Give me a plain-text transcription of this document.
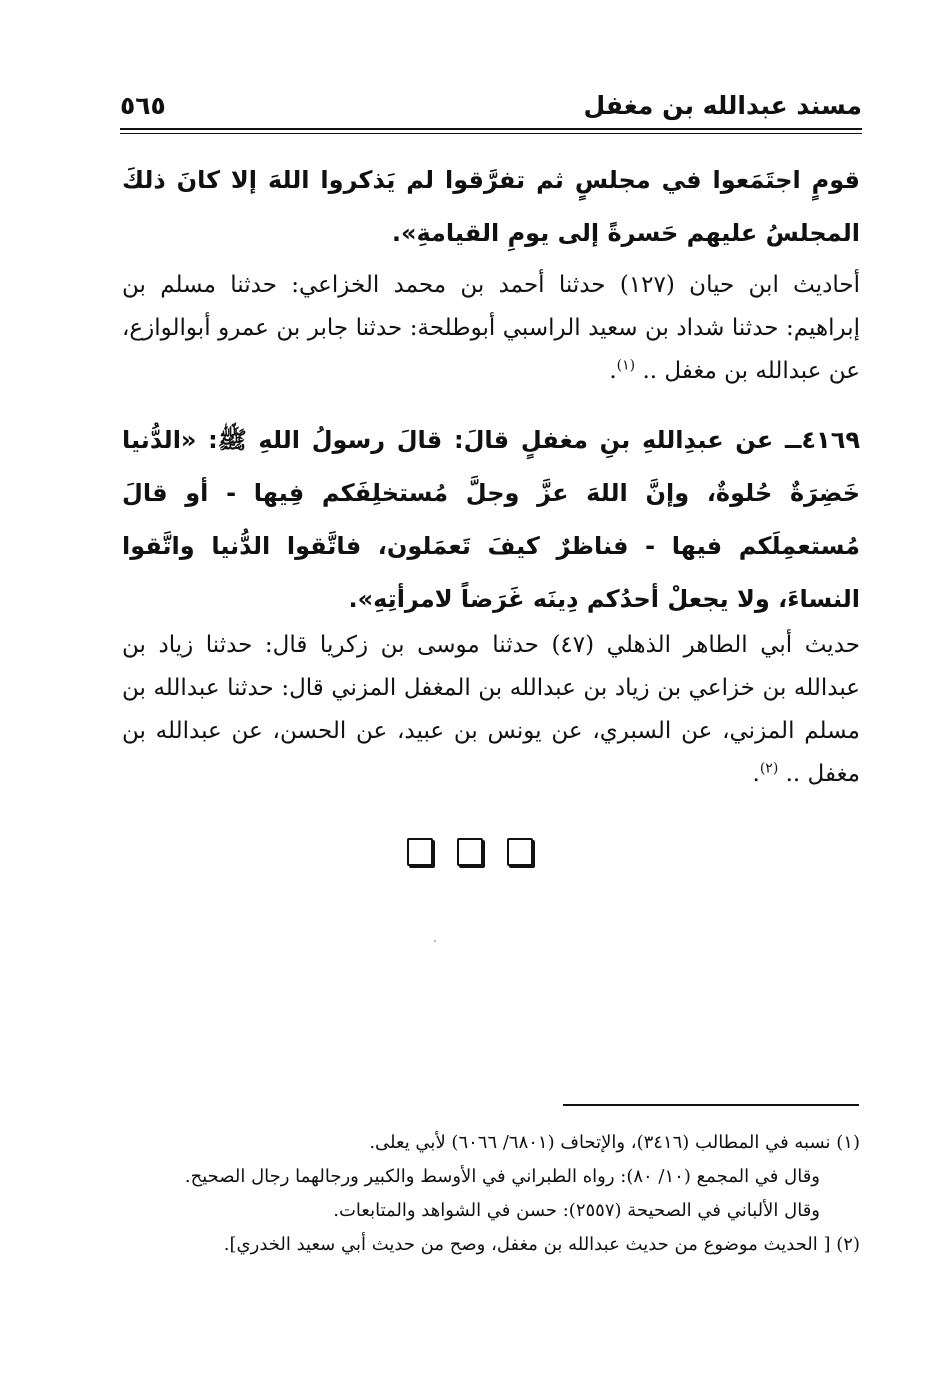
مسند عبدالله بن مغفل
٥٦٥
قومٍ اجتَمَعوا في مجلسٍ ثم تفرَّقوا لم يَذكروا اللهَ إلا كانَ ذلكَ المجلسُ عليهم حَسرةً إلى يومِ القيامةِ».
أحاديث ابن حيان (١٢٧) حدثنا أحمد بن محمد الخزاعي: حدثنا مسلم بن إبراهيم: حدثنا شداد بن سعيد الراسبي أبوطلحة: حدثنا جابر بن عمرو أبوالوازع، عن عبدالله بن مغفل .. $^{(١)}$.
٤١٦٩ــ عن عبدِاللهِ بنِ مغفلٍ قالَ: قالَ رسولُ اللهِ ﷺ: «الدُّنيا خَضِرَةٌ حُلوةٌ، وإنَّ اللهَ عزَّ وجلَّ مُستخلِفَكم فِيها - أو قالَ مُستعمِلَكم فيها - فناظرٌ كيفَ تَعمَلون، فاتَّقوا الدُّنيا واتَّقوا النساءَ، ولا يجعلْ أحدُكم دِينَه غَرَضاً لامرأتِهِ».
حديث أبي الطاهر الذهلي (٤٧) حدثنا موسى بن زكريا قال: حدثنا زياد بن عبدالله بن خزاعي بن زياد بن عبدالله بن المغفل المزني قال: حدثنا عبدالله بن مسلم المزني، عن السبري، عن يونس بن عبيد، عن الحسن، عن عبدالله بن مغفل .. $^{(٢)}$.
(١) نسبه في المطالب (٣٤١٦)، والإتحاف (٦٨٠١/ ٦٠٦٦) لأبي يعلى.
وقال في المجمع (١٠/ ٨٠): رواه الطبراني في الأوسط والكبير ورجالهما رجال الصحيح.
وقال الألباني في الصحيحة (٢٥٥٧): حسن في الشواهد والمتابعات.
(٢) [ الحديث موضوع من حديث عبدالله بن مغفل، وصح من حديث أبي سعيد الخدري].
